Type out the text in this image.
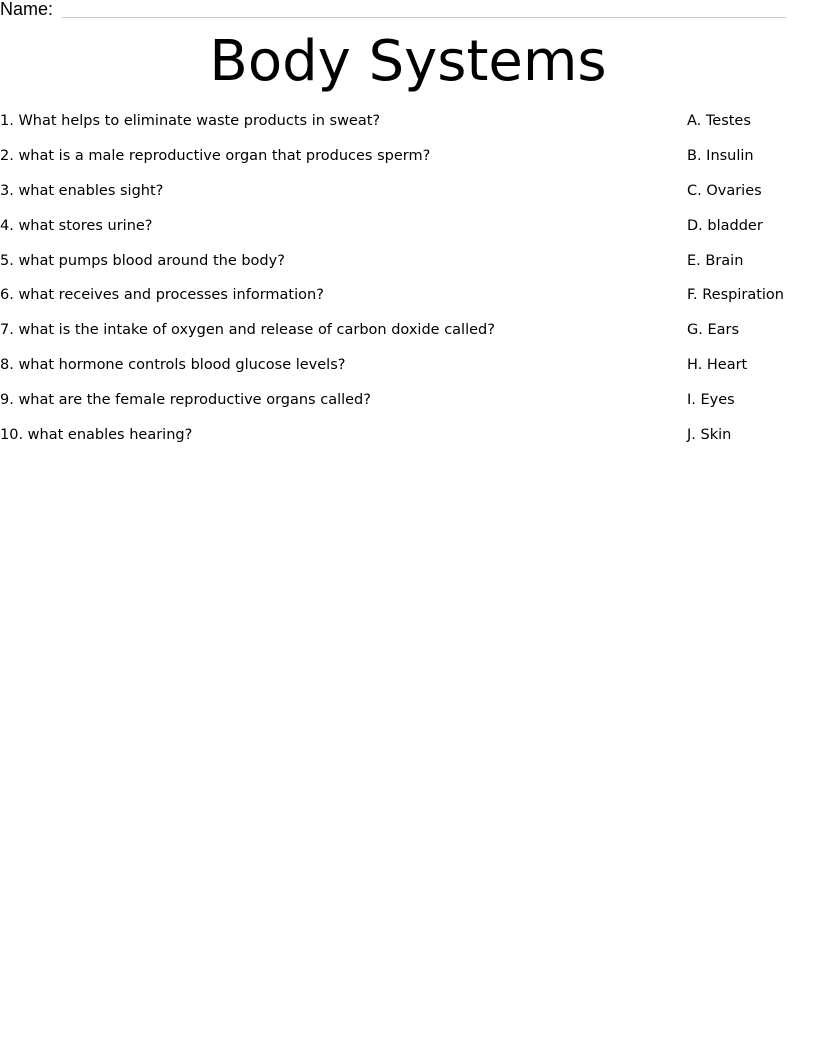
Name:
Body Systems
1. What helps to eliminate waste products in sweat?
2. what is a male reproductive organ that produces sperm?
3. what enables sight?
4. what stores urine?
5. what pumps blood around the body?
6. what receives and processes information?
7. what is the intake of oxygen and release of carbon doxide called?
8. what hormone controls blood glucose levels?
9. what are the female reproductive organs called?
10. what enables hearing?
A. Testes
B. Insulin
C. Ovaries
D. bladder
E. Brain
F. Respiration
G. Ears
H. Heart
I. Eyes
J. Skin
